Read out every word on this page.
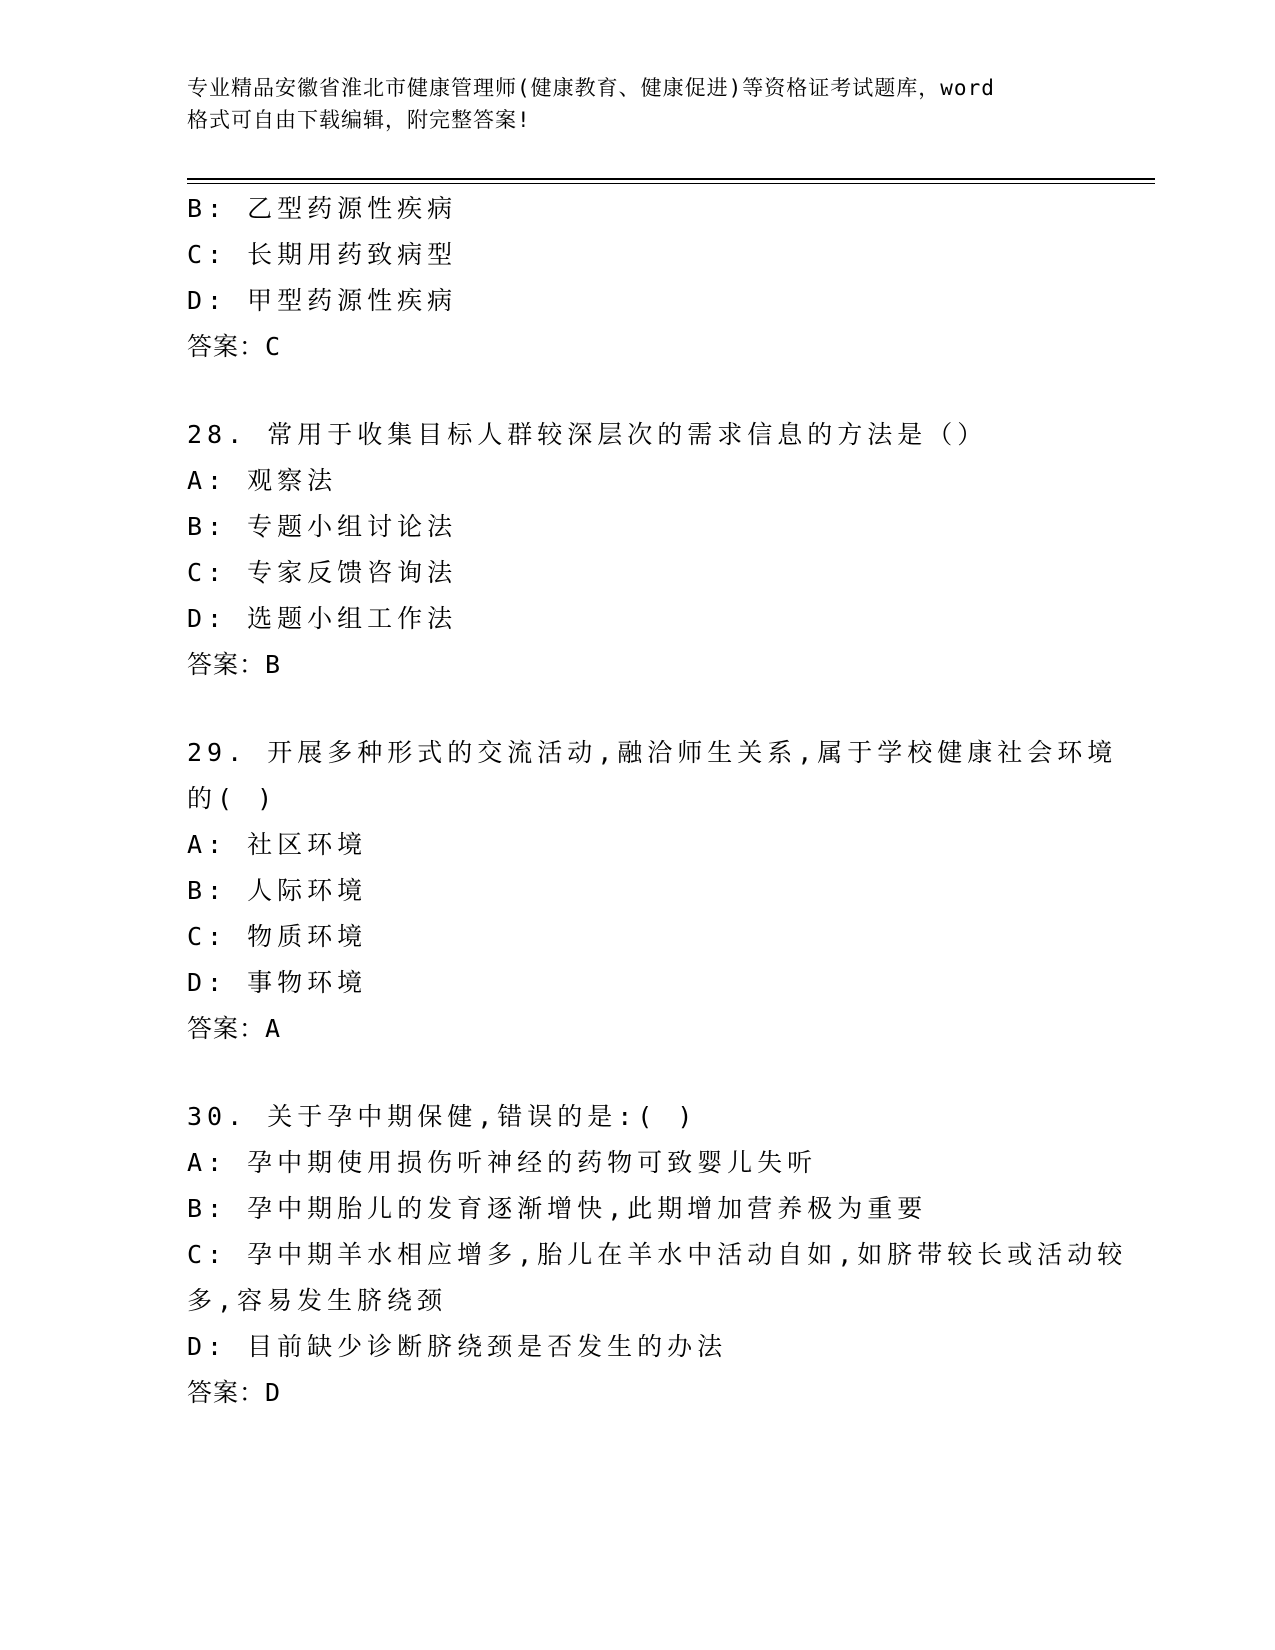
专业精品安徽省淮北市健康管理师(健康教育、健康促进)等资格证考试题库，word
格式可自由下载编辑，附完整答案!
B: 乙型药源性疾病
C: 长期用药致病型
D: 甲型药源性疾病
答案：C
28. 常用于收集目标人群较深层次的需求信息的方法是（）
A: 观察法
B: 专题小组讨论法
C: 专家反馈咨询法
D: 选题小组工作法
答案：B
29. 开展多种形式的交流活动,融洽师生关系,属于学校健康社会环境
的( )
A: 社区环境
B: 人际环境
C: 物质环境
D: 事物环境
答案：A
30. 关于孕中期保健,错误的是:( )
A: 孕中期使用损伤听神经的药物可致婴儿失听
B: 孕中期胎儿的发育逐渐增快,此期增加营养极为重要
C: 孕中期羊水相应增多,胎儿在羊水中活动自如,如脐带较长或活动较
多,容易发生脐绕颈
D: 目前缺少诊断脐绕颈是否发生的办法
答案：D
